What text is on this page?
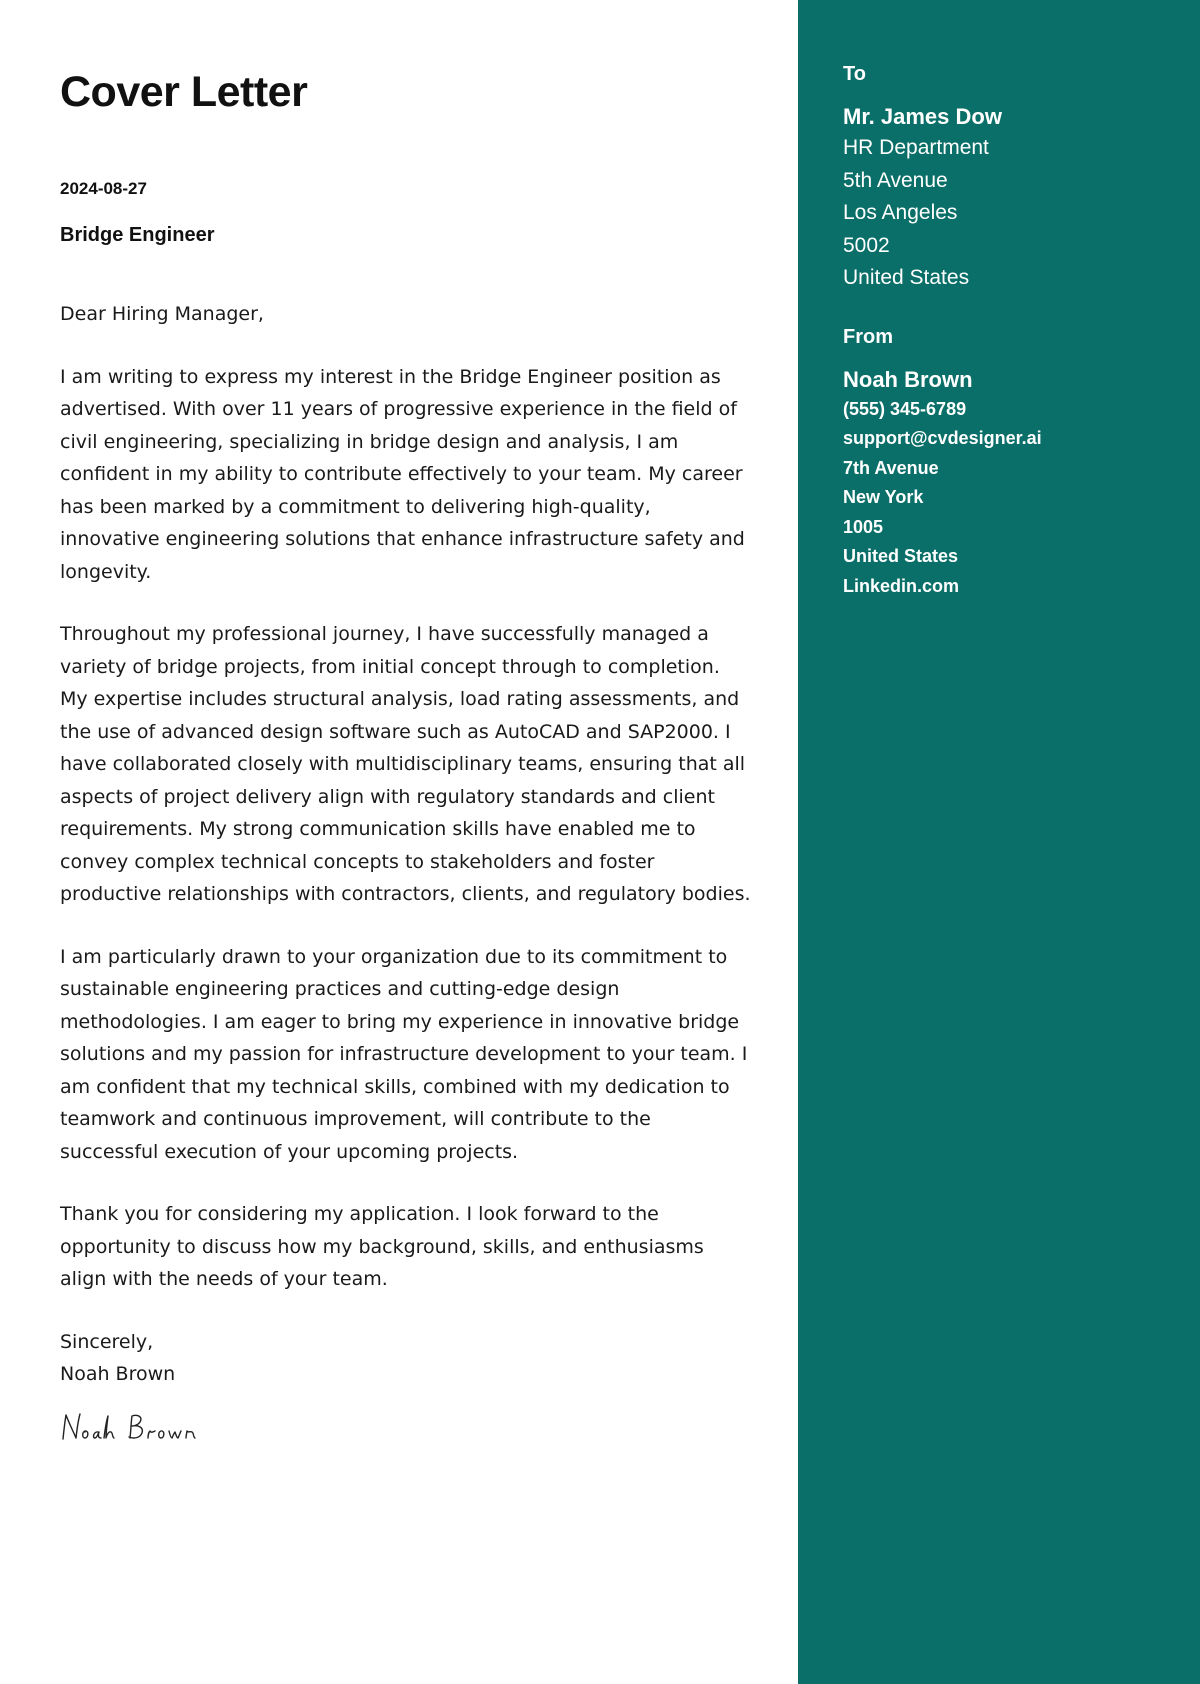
Cover Letter
2024-08-27
Bridge Engineer
Dear Hiring Manager,

I am writing to express my interest in the Bridge Engineer position as advertised. With over 11 years of progressive experience in the field of civil engineering, specializing in bridge design and analysis, I am confident in my ability to contribute effectively to your team. My career has been marked by a commitment to delivering high-quality, innovative engineering solutions that enhance infrastructure safety and longevity.

Throughout my professional journey, I have successfully managed a variety of bridge projects, from initial concept through to completion. My expertise includes structural analysis, load rating assessments, and the use of advanced design software such as AutoCAD and SAP2000. I have collaborated closely with multidisciplinary teams, ensuring that all aspects of project delivery align with regulatory standards and client requirements. My strong communication skills have enabled me to convey complex technical concepts to stakeholders and foster productive relationships with contractors, clients, and regulatory bodies.

I am particularly drawn to your organization due to its commitment to sustainable engineering practices and cutting-edge design methodologies. I am eager to bring my experience in innovative bridge solutions and my passion for infrastructure development to your team. I am confident that my technical skills, combined with my dedication to teamwork and continuous improvement, will contribute to the successful execution of your upcoming projects.

Thank you for considering my application. I look forward to the opportunity to discuss how my background, skills, and enthusiasms align with the needs of your team.

Sincerely,
Noah Brown
To
Mr. James Dow
HR Department
5th Avenue
Los Angeles
5002
United States
From
Noah Brown
(555) 345-6789
support@cvdesigner.ai
7th Avenue
New York
1005
United States
Linkedin.com
